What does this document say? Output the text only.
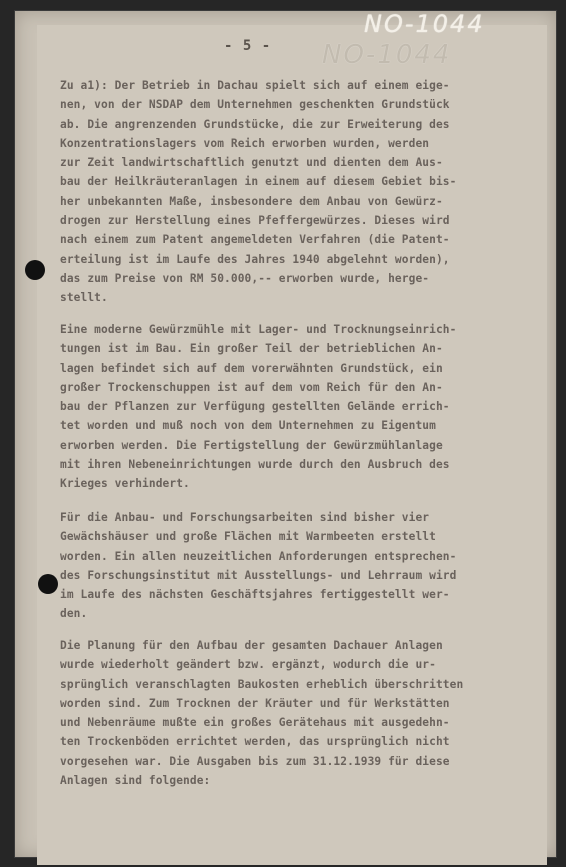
NO-1044
NO-1044
- 5 -
Zu a1): Der Betrieb in Dachau spielt sich auf einem eige-
nen, von der NSDAP dem Unternehmen geschenkten Grundstück
ab. Die angrenzenden Grundstücke, die zur Erweiterung des
Konzentrationslagers vom Reich erworben wurden, werden
zur Zeit landwirtschaftlich genutzt und dienten dem Aus-
bau der Heilkräuteranlagen in einem auf diesem Gebiet bis-
her unbekannten Maße, insbesondere dem Anbau von Gewürz-
drogen zur Herstellung eines Pfeffergewürzes. Dieses wird
nach einem zum Patent angemeldeten Verfahren (die Patent-
erteilung ist im Laufe des Jahres 1940 abgelehnt worden),
das zum Preise von RM 50.000,-- erworben wurde, herge-
stellt.
Eine moderne Gewürzmühle mit Lager- und Trocknungseinrich-
tungen ist im Bau. Ein großer Teil der betrieblichen An-
lagen befindet sich auf dem vorerwähnten Grundstück, ein
großer Trockenschuppen ist auf dem vom Reich für den An-
bau der Pflanzen zur Verfügung gestellten Gelände errich-
tet worden und muß noch von dem Unternehmen zu Eigentum
erworben werden. Die Fertigstellung der Gewürzmühlanlage
mit ihren Nebeneinrichtungen wurde durch den Ausbruch des
Krieges verhindert.
Für die Anbau- und Forschungsarbeiten sind bisher vier
Gewächshäuser und große Flächen mit Warmbeeten erstellt
worden. Ein allen neuzeitlichen Anforderungen entsprechen-
des Forschungsinstitut mit Ausstellungs- und Lehrraum wird
im Laufe des nächsten Geschäftsjahres fertiggestellt wer-
den.
Die Planung für den Aufbau der gesamten Dachauer Anlagen
wurde wiederholt geändert bzw. ergänzt, wodurch die ur-
sprünglich veranschlagten Baukosten erheblich überschritten
worden sind. Zum Trocknen der Kräuter und für Werkstätten
und Nebenräume mußte ein großes Gerätehaus mit ausgedehn-
ten Trockenböden errichtet werden, das ursprünglich nicht
vorgesehen war. Die Ausgaben bis zum 31.12.1939 für diese
Anlagen sind folgende:
